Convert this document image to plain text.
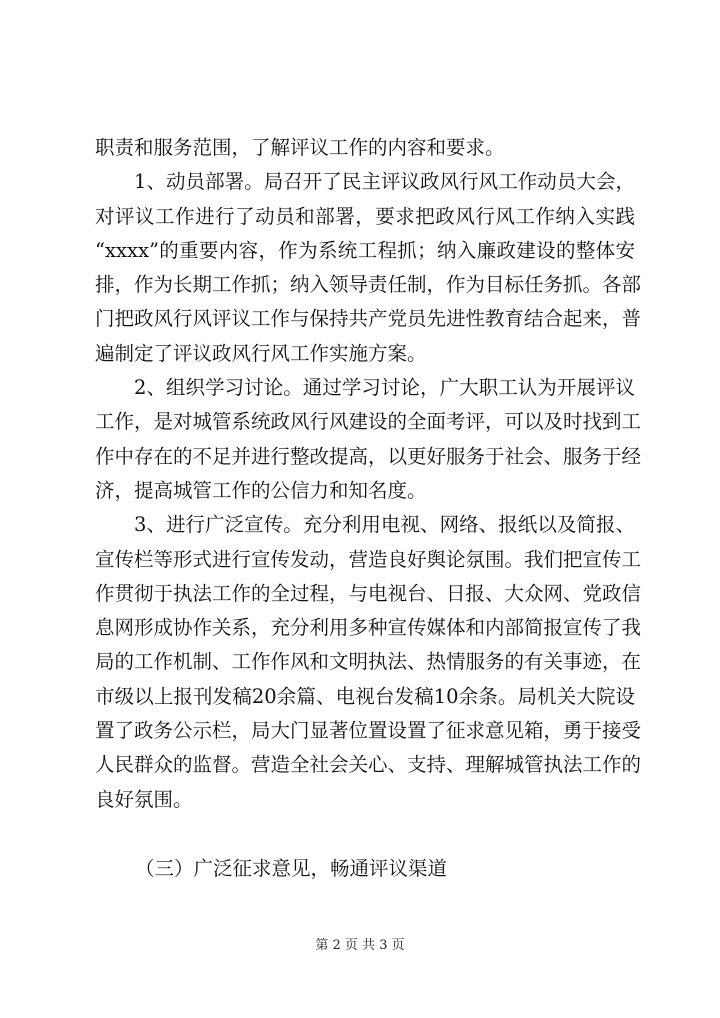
职责和服务范围，了解评议工作的内容和要求。
1、动员部署。局召开了民主评议政风行风工作动员大会，
对评议工作进行了动员和部署，要求把政风行风工作纳入实践
“xxxx”的重要内容，作为系统工程抓；纳入廉政建设的整体安
排，作为长期工作抓；纳入领导责任制，作为目标任务抓。各部
门把政风行风评议工作与保持共产党员先进性教育结合起来，普
遍制定了评议政风行风工作实施方案。
2、组织学习讨论。通过学习讨论，广大职工认为开展评议
工作，是对城管系统政风行风建设的全面考评，可以及时找到工
作中存在的不足并进行整改提高，以更好服务于社会、服务于经
济，提高城管工作的公信力和知名度。
3、进行广泛宣传。充分利用电视、网络、报纸以及简报、
宣传栏等形式进行宣传发动，营造良好舆论氛围。我们把宣传工
作贯彻于执法工作的全过程，与电视台、日报、大众网、党政信
息网形成协作关系，充分利用多种宣传媒体和内部简报宣传了我
局的工作机制、工作作风和文明执法、热情服务的有关事迹，在
市级以上报刊发稿20余篇、电视台发稿10余条。局机关大院设
置了政务公示栏，局大门显著位置设置了征求意见箱，勇于接受
人民群众的监督。营造全社会关心、支持、理解城管执法工作的
良好氛围。
（三）广泛征求意见，畅通评议渠道
第 2 页 共 3 页
